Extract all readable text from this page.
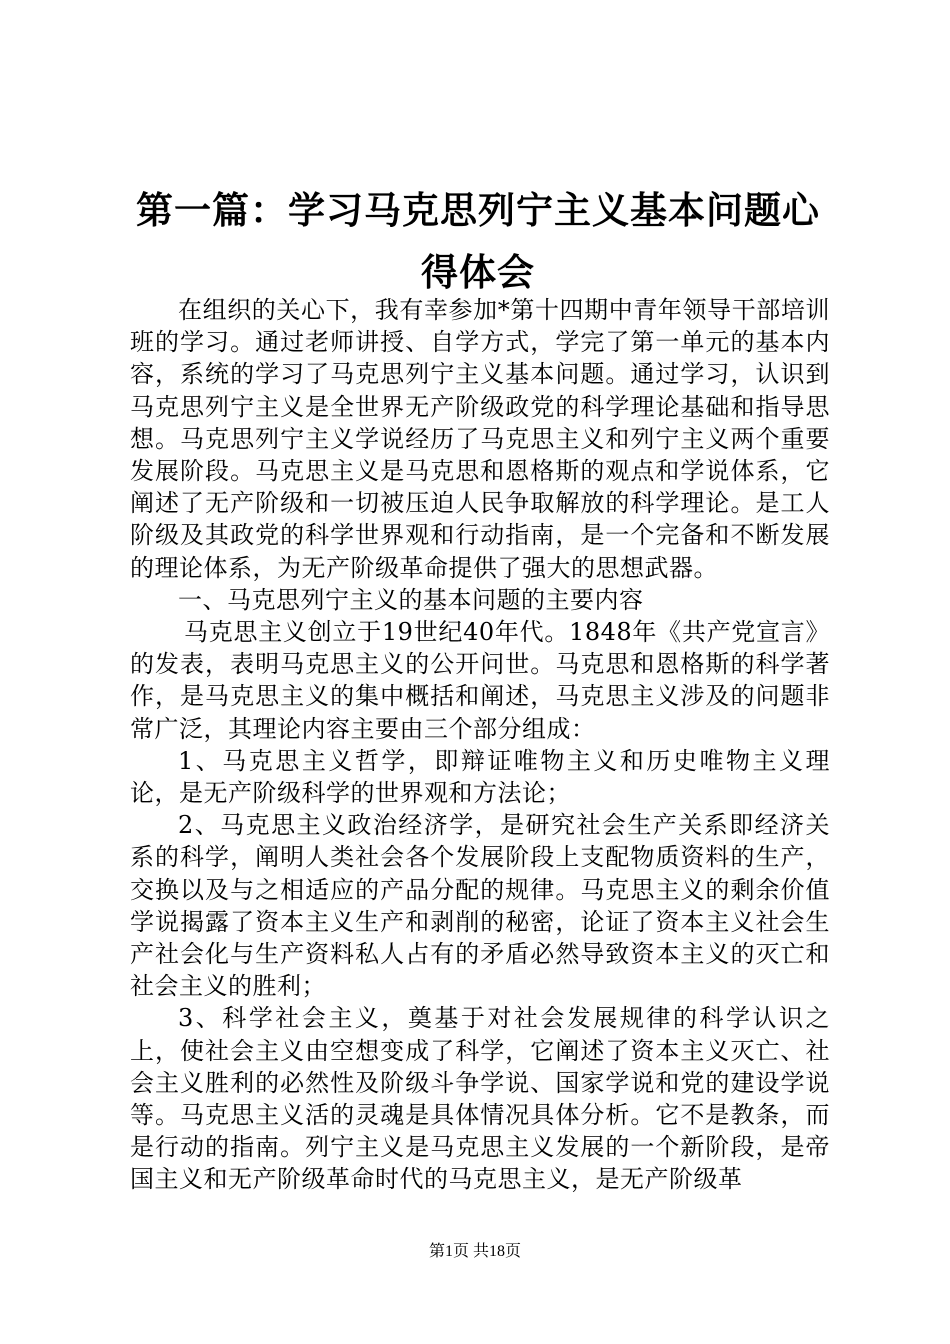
第一篇：学习马克思列宁主义基本问题心得体会

在组织的关心下，我有幸参加*第十四期中青年领导干部培训班的学习。通过老师讲授、自学方式，学完了第一单元的基本内容，系统的学习了马克思列宁主义基本问题。通过学习，认识到马克思列宁主义是全世界无产阶级政党的科学理论基础和指导思想。马克思列宁主义学说经历了马克思主义和列宁主义两个重要发展阶段。马克思主义是马克思和恩格斯的观点和学说体系，它阐述了无产阶级和一切被压迫人民争取解放的科学理论。是工人阶级及其政党的科学世界观和行动指南，是一个完备和不断发展的理论体系，为无产阶级革命提供了强大的思想武器。

一、马克思列宁主义的基本问题的主要内容

马克思主义创立于19世纪40年代。1848年《共产党宣言》的发表，表明马克思主义的公开问世。马克思和恩格斯的科学著作，是马克思主义的集中概括和阐述，马克思主义涉及的问题非常广泛，其理论内容主要由三个部分组成：

1、马克思主义哲学，即辩证唯物主义和历史唯物主义理论，是无产阶级科学的世界观和方法论；

2、马克思主义政治经济学，是研究社会生产关系即经济关系的科学，阐明人类社会各个发展阶段上支配物质资料的生产，交换以及与之相适应的产品分配的规律。马克思主义的剩余价值学说揭露了资本主义生产和剥削的秘密，论证了资本主义社会生产社会化与生产资料私人占有的矛盾必然导致资本主义的灭亡和社会主义的胜利；

3、科学社会主义，奠基于对社会发展规律的科学认识之上，使社会主义由空想变成了科学，它阐述了资本主义灭亡、社会主义胜利的必然性及阶级斗争学说、国家学说和党的建设学说等。马克思主义活的灵魂是具体情况具体分析。它不是教条，而是行动的指南。列宁主义是马克思主义发展的一个新阶段，是帝国主义和无产阶级革命时代的马克思主义，是无产阶级革

第1页 共18页
